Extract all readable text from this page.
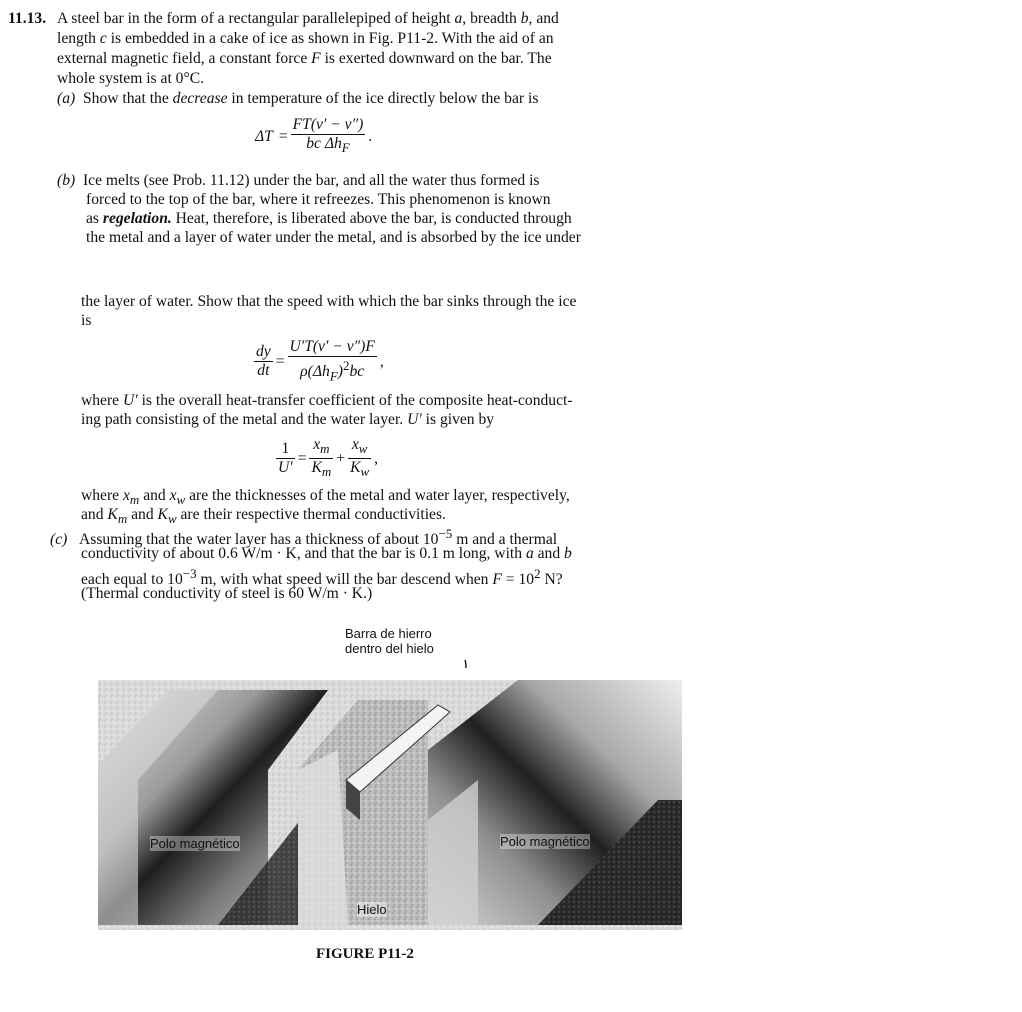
11.13. A steel bar in the form of a rectangular parallelepiped of height a, breadth b, and

length c is embedded in a cake of ice as shown in Fig. P11-2. With the aid of an

external magnetic field, a constant force F is exerted downward on the bar. The

whole system is at 0°C.

(a) Show that the decrease in temperature of the ice directly below the bar is

$\Delta T = \frac{FT(v' - v'')}{bc \Delta h_F}$ .

(b) Ice melts (see Prob. 11.12) under the bar, and all the water thus formed is

forced to the top of the bar, where it refreezes. This phenomenon is known

as regelation. Heat, therefore, is liberated above the bar, is conducted through

the metal and a layer of water under the metal, and is absorbed by the ice under

the layer of water. Show that the speed with which the bar sinks through the ice

is

$\frac{dy}{dt} = \frac{U'T(v' - v'')F}{\rho(\Delta h_F)^2bc}$ ,

where U′ is the overall heat-transfer coefficient of the composite heat-conduct-

ing path consisting of the metal and the water layer. U′ is given by

$\frac{1}{U'} = \frac{x_m}{K_m} + \frac{x_w}{K_w}$ ,

where $x_m$ and $x_w$ are the thicknesses of the metal and water layer, respectively,

and $K_m$ and $K_w$ are their respective thermal conductivities.

(c) Assuming that the water layer has a thickness of about $10^{-5}$ m and a thermal

conductivity of about 0.6 W/m · K, and that the bar is 0.1 m long, with a and b

each equal to $10^{-3}$ m, with what speed will the bar descend when $F = 10^2$ N?

(Thermal conductivity of steel is 60 W/m · K.)

Barra de hierro
dentro del hielo
Polo magnético	Polo magnético
Hielo
FIGURE P11-2
